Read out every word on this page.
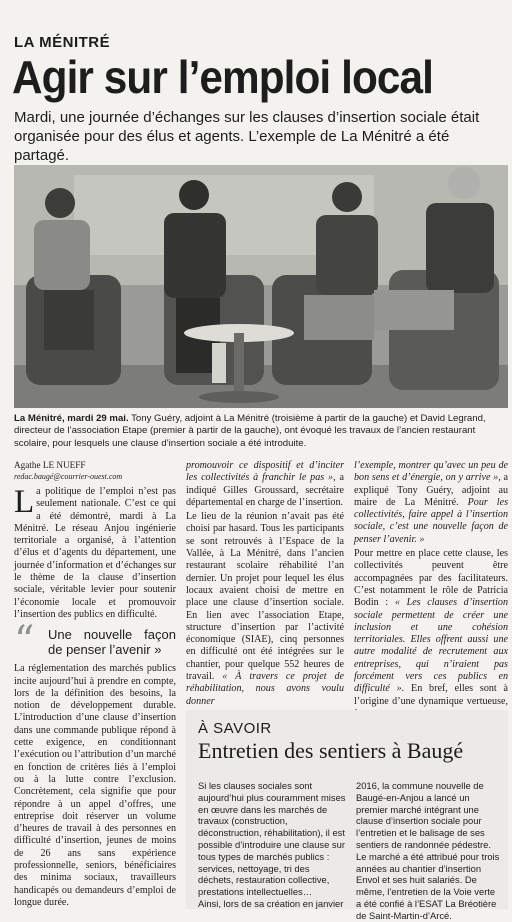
LA MÉNITRÉ

Agir sur l’emploi local

Mardi, une journée d’échanges sur les clauses d’insertion sociale était organisée pour des élus et agents. L’exemple de La Ménitré a été partagé.

La Ménitré, mardi 29 mai. Tony Guéry, adjoint à La Ménitré (troisième à partir de la gauche) et David Legrand, directeur de l’association Etape (premier à partir de la gauche), ont évoqué les travaux de l’ancien restaurant scolaire, pour lesquels une clause d’insertion sociale a été introduite.

Agathe LE NUEFF
redac.baugé@courrier-ouest.com

La politique de l’emploi n’est pas seulement nationale. C’est ce qui a été démontré, mardi à La Ménitré. Le réseau Anjou ingénierie territoriale a organisé, à l’attention d’élus et d’agents du département, une journée d’information et d’échanges sur le thème de la clause d’insertion sociale, véritable levier pour soutenir l’économie locale et promouvoir l’insertion des publics en difficulté.

“ Une nouvelle façon de penser l’avenir »

La réglementation des marchés publics incite aujourd’hui à prendre en compte, lors de la définition des besoins, la notion de développement durable. L’introduction d’une clause d’insertion dans une commande publique répond à cette exigence, en conditionnant l’exécution ou l’attribution d’un marché en fonction de critères liés à l’emploi ou à la lutte contre l’exclusion. Concrètement, cela signifie que pour répondre à un appel d’offres, une entreprise doit réserver un volume d’heures de travail à des personnes en difficulté d’insertion, jeunes de moins de 26 ans sans expérience professionnelle, seniors, bénéficiaires des minima sociaux, travailleurs handicapés ou demandeurs d’emploi de longue durée.

promouvoir ce dispositif et d’inciter les collectivités à franchir le pas », a indiqué Gilles Groussard, secrétaire départemental en charge de l’insertion.

Le lieu de la réunion n’avait pas été choisi par hasard. Tous les participants se sont retrouvés à l’Espace de la Vallée, à La Ménitré, dans l’ancien restaurant scolaire réhabilité l’an dernier. Un projet pour lequel les élus locaux avaient choisi de mettre en place une clause d’insertion sociale. En lien avec l’association Etape, structure d’insertion par l’activité économique (SIAE), cinq personnes en difficulté ont été intégrées sur le chantier, pour quelque 552 heures de travail. « À travers ce projet de réhabilitation, nous avons voulu donner

l’exemple, montrer qu’avec un peu de bon sens et d’énergie, on y arrive », a expliqué Tony Guéry, adjoint au maire de La Ménitré. Pour les collectivités, faire appel à l’insertion sociale, c’est une nouvelle façon de penser l’avenir. »

Pour mettre en place cette clause, les collectivités peuvent être accompagnées par des facilitateurs. C’est notamment le rôle de Patricia Bodin : « Les clauses d’insertion sociale permettent de créer une inclusion et une cohésion territoriales. Elles offrent aussi une autre modalité de recrutement aux entreprises, qui n’iraient pas forcément vers ces publics en difficulté ». En bref, elles sont à l’origine d’une dynamique vertueuse,

À SAVOIR

Entretien des sentiers à Baugé

Si les clauses sociales sont aujourd’hui plus couramment mises en œuvre dans les marchés de travaux (construction, déconstruction, réhabilitation), il est possible d’introduire une clause sur tous types de marchés publics : services, nettoyage, tri des déchets, restauration collective, prestations intellectuelles…

Ainsi, lors de sa création en janvier

2016, la commune nouvelle de Baugé-en-Anjou a lancé un premier marché intégrant une clause d’insertion sociale pour l’entretien et le balisage de ses sentiers de randonnée pédestre. Le marché a été attribué pour trois années au chantier d’insertion Envol et ses huit salariés. De même, l’entretien de la Voie verte a été confié à l’ESAT La Bréotière de Saint-Martin-d’Arcé.
